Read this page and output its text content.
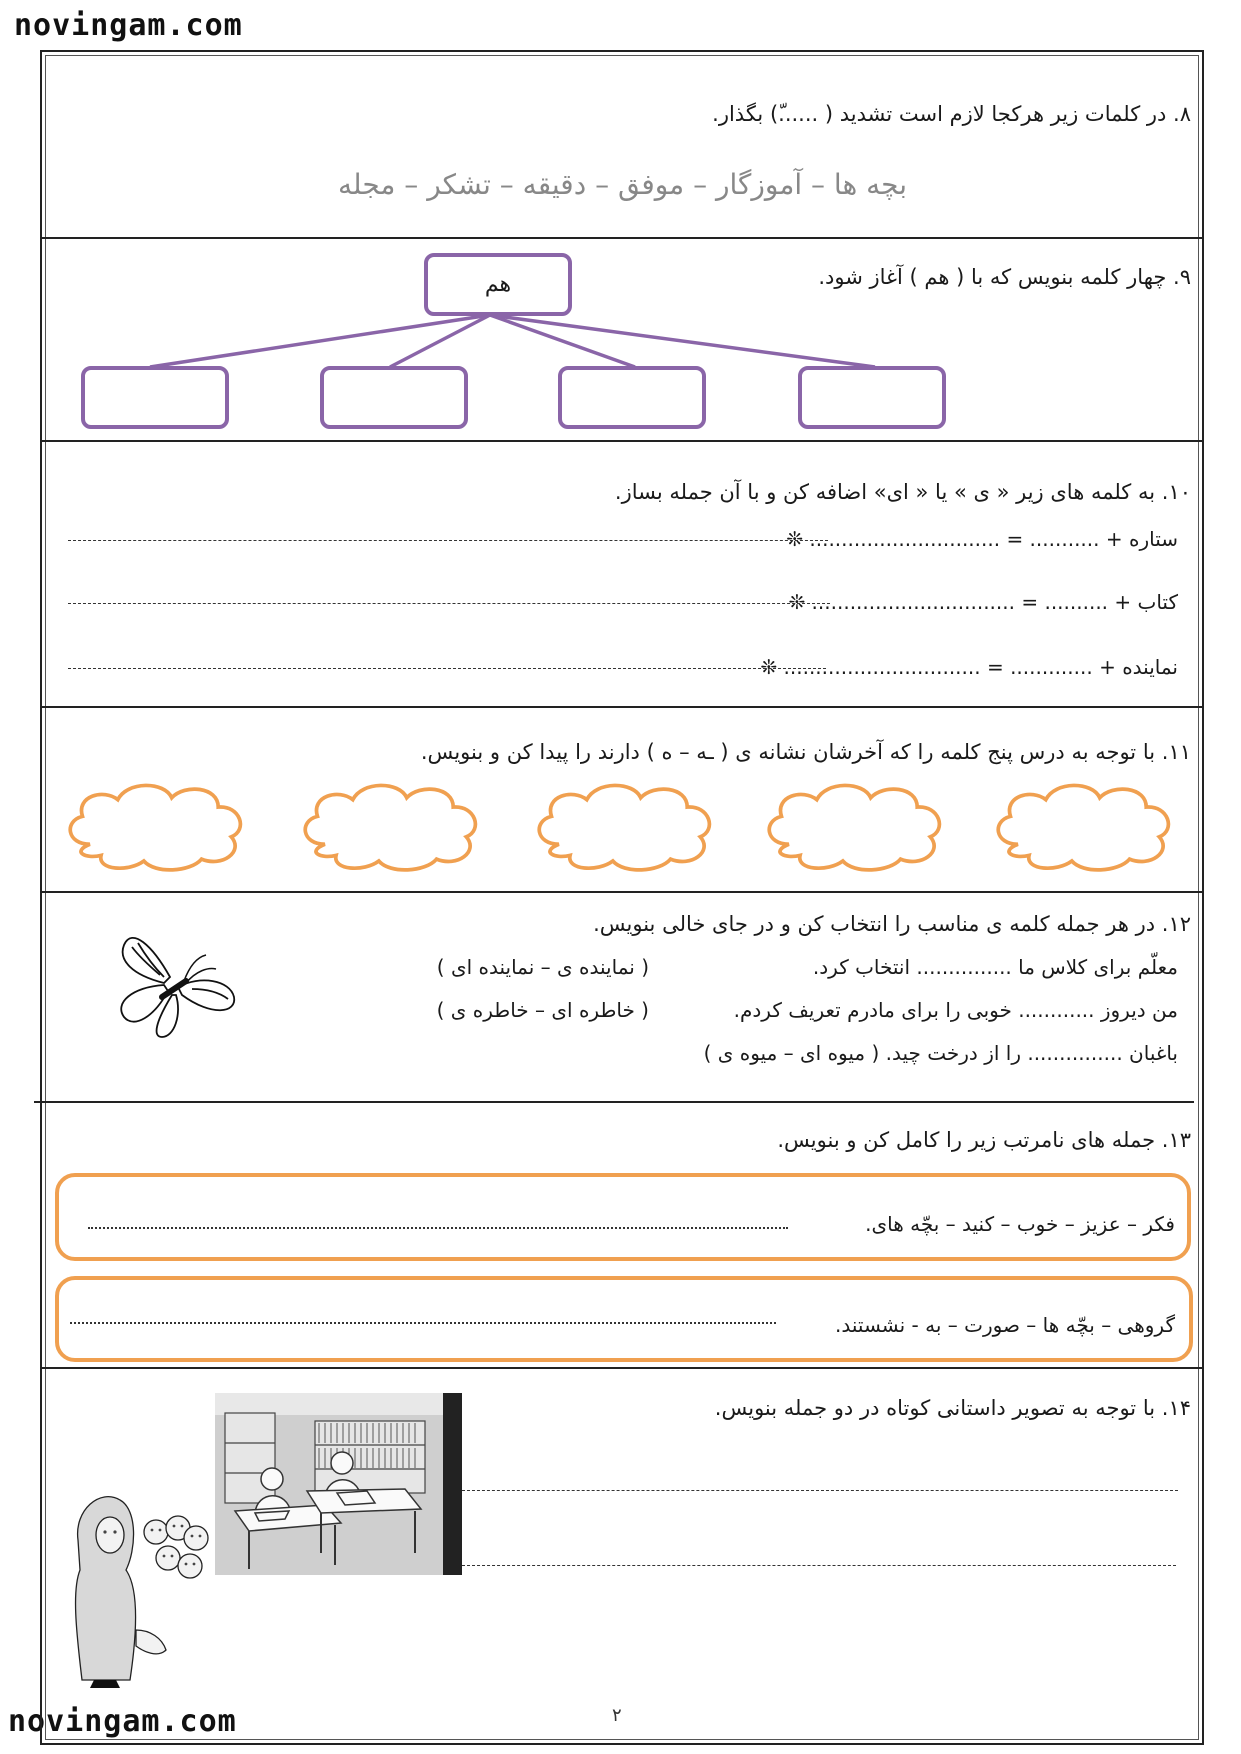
novingam.com
novingam.com
۸. در کلمات زیر هرکجا لازم است تشدید ( ......ّ) بگذار.
بچه ها – آموزگار – موفق – دقیقه – تشکر – مجله
۹. چهار کلمه بنویس که با ( هم ) آغاز شود.
هم
۱۰. به کلمه های زیر « ی » یا « ای» اضافه کن و با آن جمله بساز.
ستاره + ........... = .............................. ❊
کتاب + .......... = ................................ ❊
نماینده + ............. = ............................... ❊
۱۱. با توجه به درس پنج کلمه را که آخرشان نشانه ی ( ـه – ه ) دارند را پیدا کن و بنویس.
۱۲. در هر جمله کلمه ی مناسب را انتخاب کن و در جای خالی بنویس.
معلّم برای کلاس ما ............... انتخاب کرد.
( نماینده ی – نماینده ای )
من دیروز ............ خوبی را برای مادرم تعریف کردم.
( خاطره ای – خاطره ی )
باغبان ............... را از درخت چید. ( میوه ای – میوه ی )
۱۳. جمله های نامرتب زیر را کامل کن و بنویس.
فکر – عزیز – خوب – کنید – بچّه های.
گروهی – بچّه ها – صورت – به - نشستند.
۱۴. با توجه به تصویر داستانی کوتاه در دو جمله بنویس.
۲
